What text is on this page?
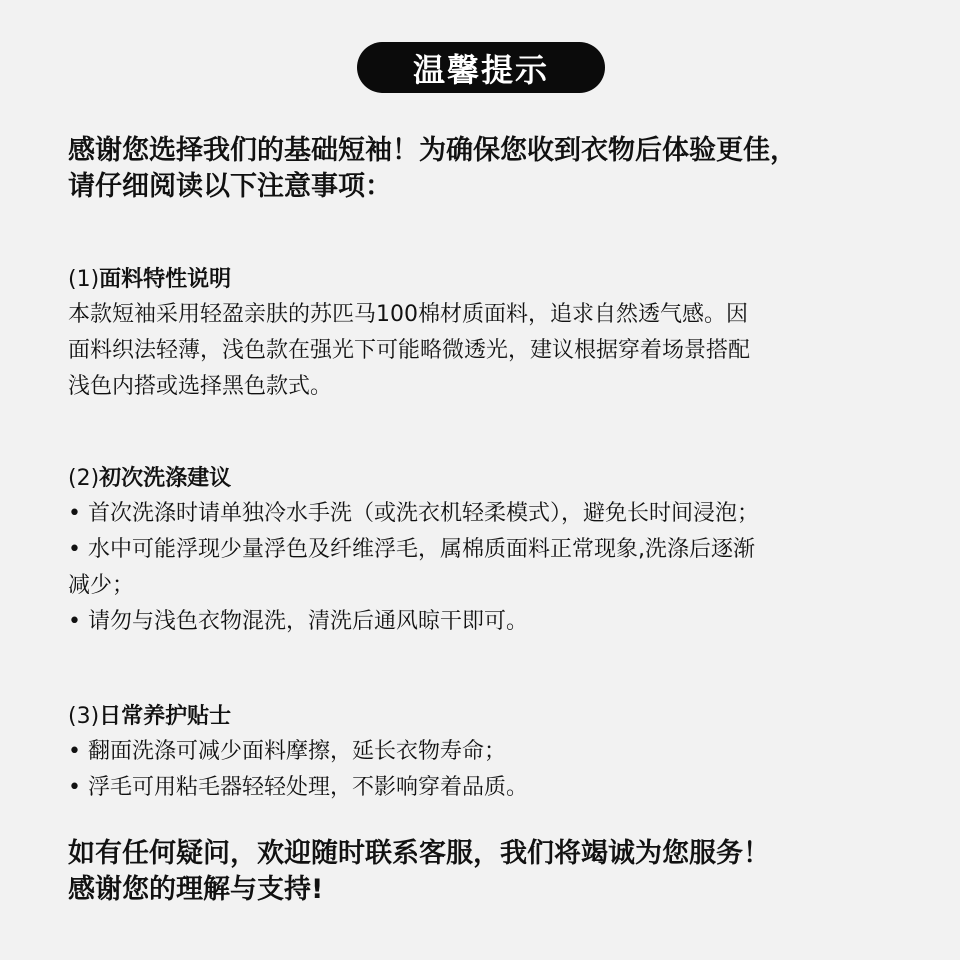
温馨提示

感谢您选择我们的基础短袖！为确保您收到衣物后体验更佳，

请仔细阅读以下注意事项：

(1)面料特性说明

本款短袖采用轻盈亲肤的苏匹马100棉材质面料，追求自然透气感。因

面料织法轻薄，浅色款在强光下可能略微透光，建议根据穿着场景搭配

浅色内搭或选择黑色款式。

(2)初次洗涤建议

• 首次洗涤时请单独冷水手洗（或洗衣机轻柔模式），避免长时间浸泡；

• 水中可能浮现少量浮色及纤维浮毛，属棉质面料正常现象,洗涤后逐渐

减少；

• 请勿与浅色衣物混洗，清洗后通风晾干即可。

(3)日常养护贴士

• 翻面洗涤可减少面料摩擦，延长衣物寿命；

• 浮毛可用粘毛器轻轻处理，不影响穿着品质。

如有任何疑问，欢迎随时联系客服，我们将竭诚为您服务！

感谢您的理解与支持!
